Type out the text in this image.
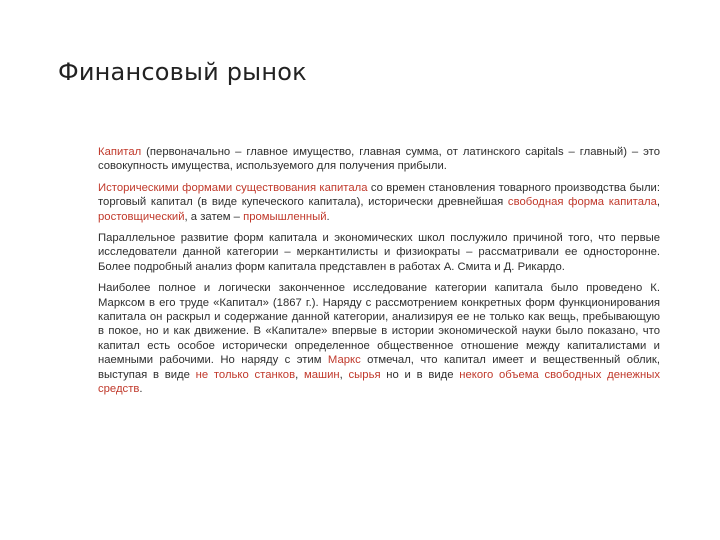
Финансовый рынок

Капитал (первоначально – главное имущество, главная сумма, от латинского capitals – главный) – это совокупность имущества, используемого для получения прибыли.

Историческими формами существования капитала со времен становления товарного производства были: торговый капитал (в виде купеческого капитала), исторически древнейшая свободная форма капитала, ростовщический, а затем – промышленный.

Параллельное развитие форм капитала и экономических школ послужило причиной того, что первые исследователи данной категории – меркантилисты и физиократы – рассматривали ее односторонне. Более подробный анализ форм капитала представлен в работах А. Смита и Д. Рикардо.

Наиболее полное и логически законченное исследование категории капитала было проведено К. Марксом в его труде «Капитал» (1867 г.). Наряду с рассмотрением конкретных форм функционирования капитала он раскрыл и содержание данной категории, анализируя ее не только как вещь, пребывающую в покое, но и как движение. В «Капитале» впервые в истории экономической науки было показано, что капитал есть особое исторически определенное общественное отношение между капиталистами и наемными рабочими. Но наряду с этим Маркс отмечал, что капитал имеет и вещественный облик, выступая в виде не только станков, машин, сырья но и в виде некого объема свободных денежных средств.
